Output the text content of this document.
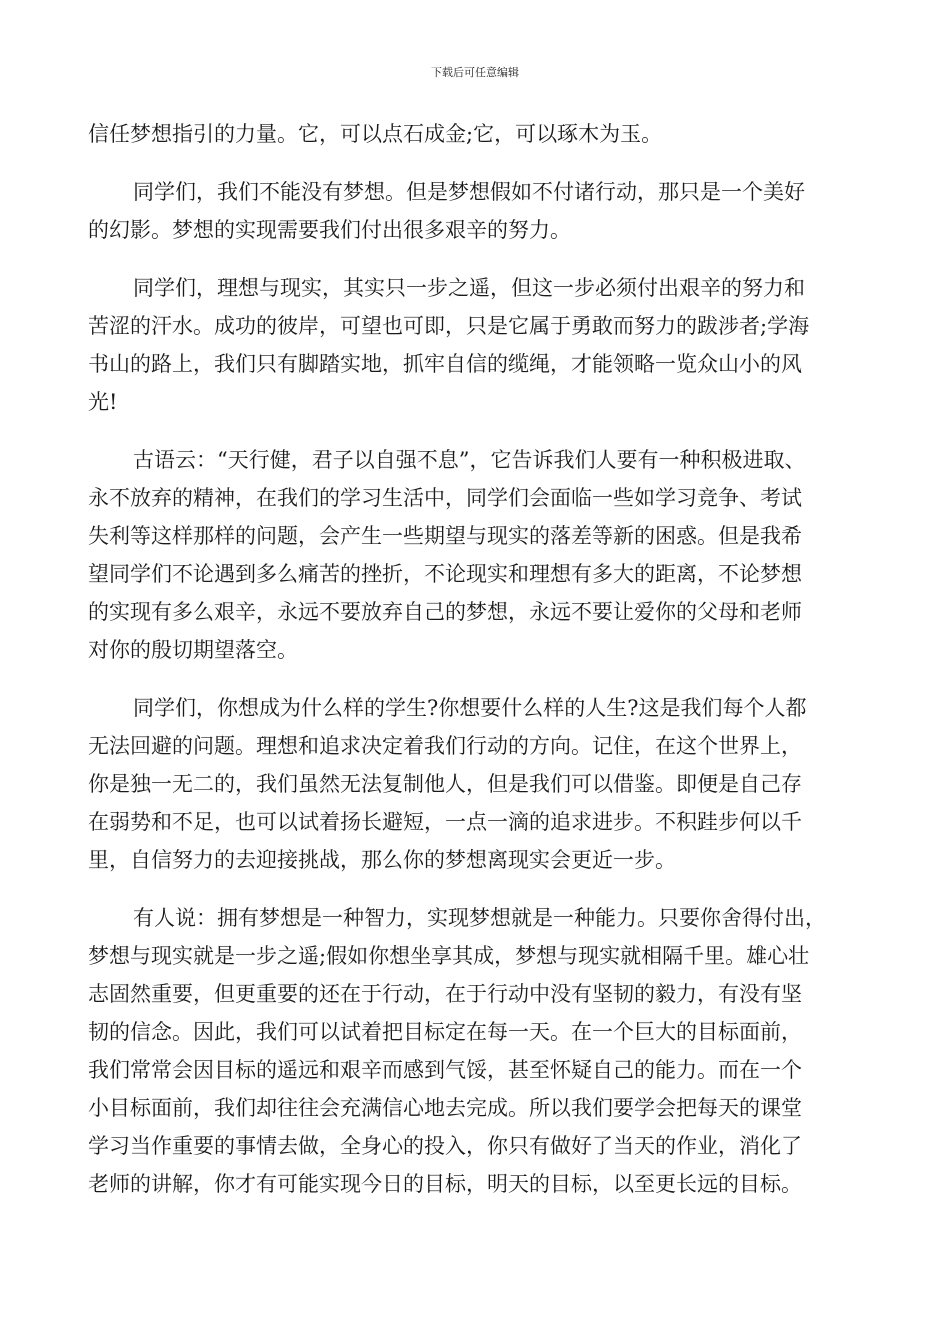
下载后可任意编辑
信任梦想指引的力量。它，可以点石成金;它，可以琢木为玉。
同学们，我们不能没有梦想。但是梦想假如不付诸行动，那只是一个美好
的幻影。梦想的实现需要我们付出很多艰辛的努力。
同学们，理想与现实，其实只一步之遥，但这一步必须付出艰辛的努力和
苦涩的汗水。成功的彼岸，可望也可即，只是它属于勇敢而努力的跋涉者;学海
书山的路上，我们只有脚踏实地，抓牢自信的缆绳，才能领略一览众山小的风
光!
古语云：“天行健，君子以自强不息”，它告诉我们人要有一种积极进取、
永不放弃的精神，在我们的学习生活中，同学们会面临一些如学习竞争、考试
失利等这样那样的问题，会产生一些期望与现实的落差等新的困惑。但是我希
望同学们不论遇到多么痛苦的挫折，不论现实和理想有多大的距离，不论梦想
的实现有多么艰辛，永远不要放弃自己的梦想，永远不要让爱你的父母和老师
对你的殷切期望落空。
同学们，你想成为什么样的学生?你想要什么样的人生?这是我们每个人都
无法回避的问题。理想和追求决定着我们行动的方向。记住，在这个世界上，
你是独一无二的，我们虽然无法复制他人，但是我们可以借鉴。即便是自己存
在弱势和不足，也可以试着扬长避短，一点一滴的追求进步。不积跬步何以千
里，自信努力的去迎接挑战，那么你的梦想离现实会更近一步。
有人说：拥有梦想是一种智力，实现梦想就是一种能力。只要你舍得付出，
梦想与现实就是一步之遥;假如你想坐享其成，梦想与现实就相隔千里。雄心壮
志固然重要，但更重要的还在于行动，在于行动中没有坚韧的毅力，有没有坚
韧的信念。因此，我们可以试着把目标定在每一天。在一个巨大的目标面前，
我们常常会因目标的遥远和艰辛而感到气馁，甚至怀疑自己的能力。而在一个
小目标面前，我们却往往会充满信心地去完成。所以我们要学会把每天的课堂
学习当作重要的事情去做，全身心的投入，你只有做好了当天的作业，消化了
老师的讲解，你才有可能实现今日的目标，明天的目标，以至更长远的目标。
